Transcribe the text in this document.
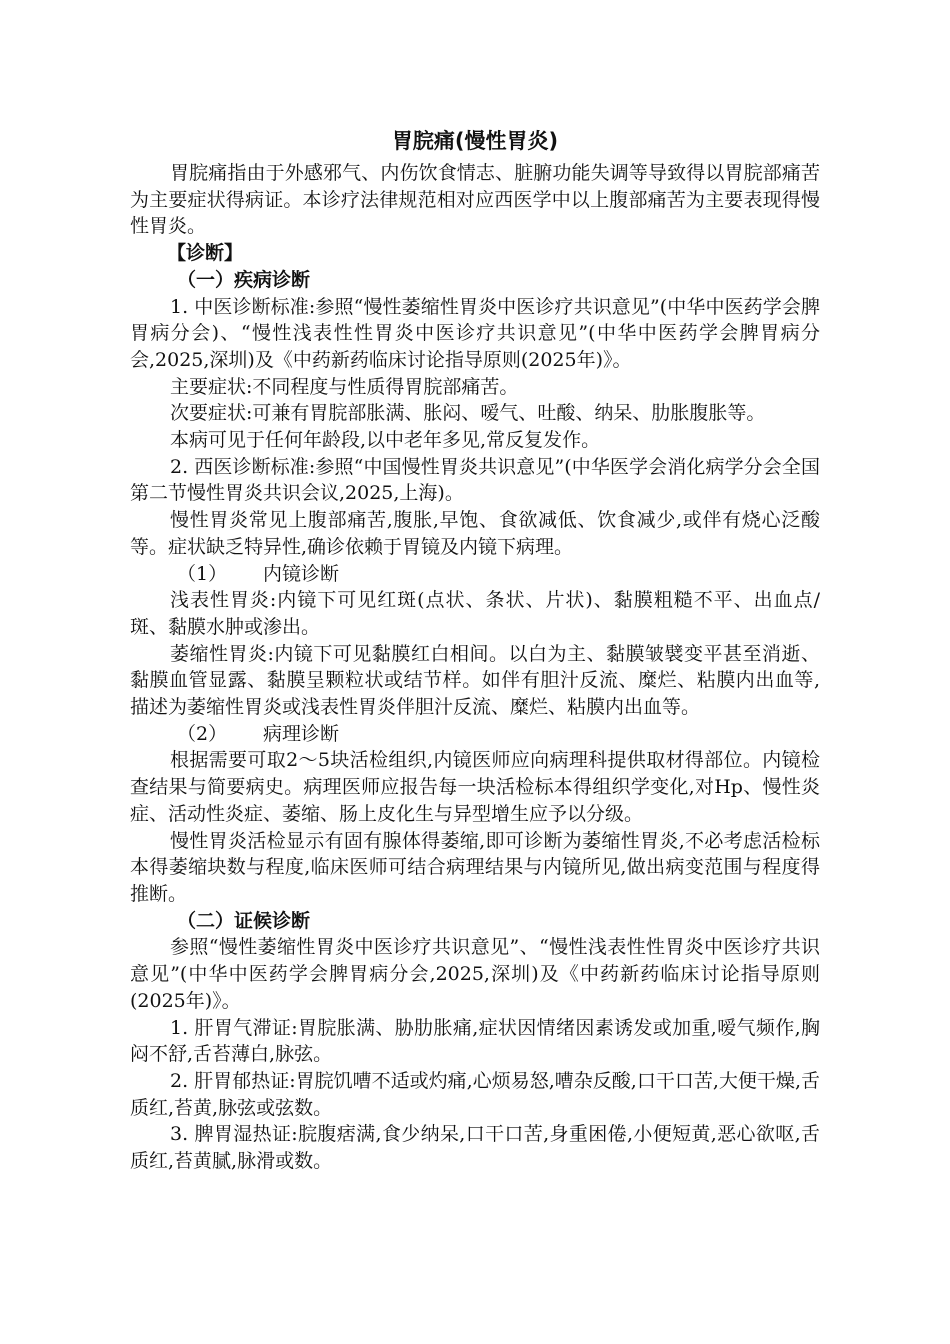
胃脘痛(慢性胃炎)

胃脘痛指由于外感邪气、内伤饮食情志、脏腑功能失调等导致得以胃脘部痛苦为主要症状得病证。本诊疗法律规范相对应西医学中以上腹部痛苦为主要表现得慢性胃炎。

【诊断】

（一）疾病诊断

1. 中医诊断标准:参照“慢性萎缩性胃炎中医诊疗共识意见”(中华中医药学会脾胃病分会)、“慢性浅表性性胃炎中医诊疗共识意见”(中华中医药学会脾胃病分会,2025,深圳)及《中药新药临床讨论指导原则(2025年)》。

主要症状:不同程度与性质得胃脘部痛苦。

次要症状:可兼有胃脘部胀满、胀闷、嗳气、吐酸、纳呆、肋胀腹胀等。

本病可见于任何年龄段,以中老年多见,常反复发作。

2. 西医诊断标准:参照“中国慢性胃炎共识意见”(中华医学会消化病学分会全国第二节慢性胃炎共识会议,2025,上海)。

慢性胃炎常见上腹部痛苦,腹胀,早饱、食欲减低、饮食减少,或伴有烧心泛酸等。症状缺乏特异性,确诊依赖于胃镜及内镜下病理。

（1） 内镜诊断

浅表性胃炎:内镜下可见红斑(点状、条状、片状)、黏膜粗糙不平、出血点/斑、黏膜水肿或渗出。

萎缩性胃炎:内镜下可见黏膜红白相间。以白为主、黏膜皱襞变平甚至消逝、黏膜血管显露、黏膜呈颗粒状或结节样。如伴有胆汁反流、糜烂、粘膜内出血等,描述为萎缩性胃炎或浅表性胃炎伴胆汁反流、糜烂、粘膜内出血等。

（2） 病理诊断

根据需要可取2～5块活检组织,内镜医师应向病理科提供取材得部位。内镜检查结果与简要病史。病理医师应报告每一块活检标本得组织学变化,对Hp、慢性炎症、活动性炎症、萎缩、肠上皮化生与异型增生应予以分级。

慢性胃炎活检显示有固有腺体得萎缩,即可诊断为萎缩性胃炎,不必考虑活检标本得萎缩块数与程度,临床医师可结合病理结果与内镜所见,做出病变范围与程度得推断。

（二）证候诊断

参照“慢性萎缩性胃炎中医诊疗共识意见”、“慢性浅表性性胃炎中医诊疗共识意见”(中华中医药学会脾胃病分会,2025,深圳)及《中药新药临床讨论指导原则(2025年)》。

1. 肝胃气滞证:胃脘胀满、胁肋胀痛,症状因情绪因素诱发或加重,嗳气频作,胸闷不舒,舌苔薄白,脉弦。

2. 肝胃郁热证:胃脘饥嘈不适或灼痛,心烦易怒,嘈杂反酸,口干口苦,大便干燥,舌质红,苔黄,脉弦或弦数。

3. 脾胃湿热证:脘腹痞满,食少纳呆,口干口苦,身重困倦,小便短黄,恶心欲呕,舌质红,苔黄腻,脉滑或数。
